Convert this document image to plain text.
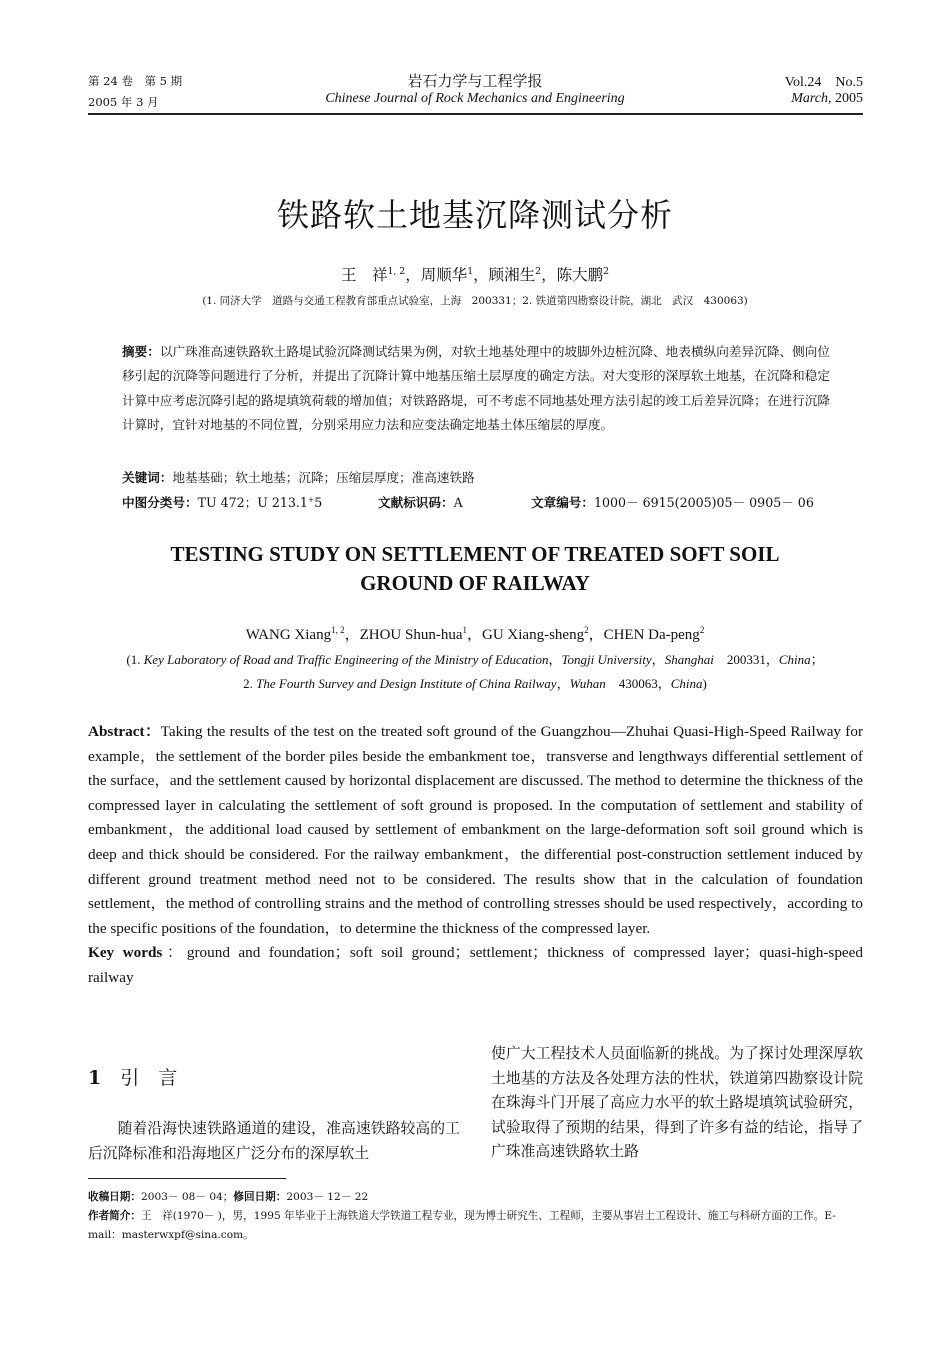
第 24 卷　第 5 期
2005 年 3 月
岩石力学与工程学报
Chinese Journal of Rock Mechanics and Engineering
Vol.24　No.5
March, 2005
铁路软土地基沉降测试分析
王　祥$^{1, 2}$，周顺华$^1$，顾湘生$^2$，陈大鹏$^2$
(1. 同济大学　道路与交通工程教育部重点试验室，上海　200331；2. 铁道第四勘察设计院，湖北　武汉　430063)
摘要：以广珠准高速铁路软土路堤试验沉降测试结果为例，对软土地基处理中的坡脚外边桩沉降、地表横纵向差异沉降、侧向位移引起的沉降等问题进行了分析，并提出了沉降计算中地基压缩土层厚度的确定方法。对大变形的深厚软土地基，在沉降和稳定计算中应考虑沉降引起的路堤填筑荷载的增加值；对铁路路堤，可不考虑不同地基处理方法引起的竣工后差异沉降；在进行沉降计算时，宜针对地基的不同位置，分别采用应力法和应变法确定地基土体压缩层的厚度。
关键词：地基基础；软土地基；沉降；压缩层厚度；准高速铁路
中图分类号：TU 472；U 213.1+5	文献标识码：A	文章编号：1000－ 6915(2005)05－ 0905－ 06
TESTING STUDY ON SETTLEMENT OF TREATED SOFT SOIL
GROUND OF RAILWAY
WANG Xiang$^{1, 2}$，ZHOU Shun-hua$^1$，GU Xiang-sheng$^2$，CHEN Da-peng$^2$
(1. Key Laboratory of Road and Traffic Engineering of the Ministry of Education，Tongji University，Shanghai　200331，China；
2. The Fourth Survey and Design Institute of China Railway，Wuhan　430063，China)
Abstract：Taking the results of the test on the treated soft ground of the Guangzhou—Zhuhai Quasi-High-Speed Railway for example，the settlement of the border piles beside the embankment toe，transverse and lengthways differential settlement of the surface，and the settlement caused by horizontal displacement are discussed. The method to determine the thickness of the compressed layer in calculating the settlement of soft ground is proposed. In the computation of settlement and stability of embankment，the additional load caused by settlement of embankment on the large-deformation soft soil ground which is deep and thick should be considered. For the railway embankment，the differential post-construction settlement induced by different ground treatment method need not to be considered. The results show that in the calculation of foundation settlement，the method of controlling strains and the method of controlling stresses should be used respectively，according to the specific positions of the foundation，to determine the thickness of the compressed layer.
Key words：ground and foundation；soft soil ground；settlement；thickness of compressed layer；quasi-high-speed railway
1　 引　言

随着沿海快速铁路通道的建设，准高速铁路较高的工后沉降标准和沿海地区广泛分布的深厚软土

使广大工程技术人员面临新的挑战。为了探讨处理深厚软土地基的方法及各处理方法的性状，铁道第四勘察设计院在珠海斗门开展了高应力水平的软土路堤填筑试验研究，试验取得了预期的结果，得到了许多有益的结论，指导了广珠准高速铁路软土路
收稿日期：2003－ 08－ 04；修回日期：2003－ 12－ 22
作者简介：王　祥(1970－ )，男，1995 年毕业于上海铁道大学铁道工程专业，现为博士研究生、工程师，主要从事岩土工程设计、施工与科研方面的工作。E-mail：masterwxpf@sina.com。
